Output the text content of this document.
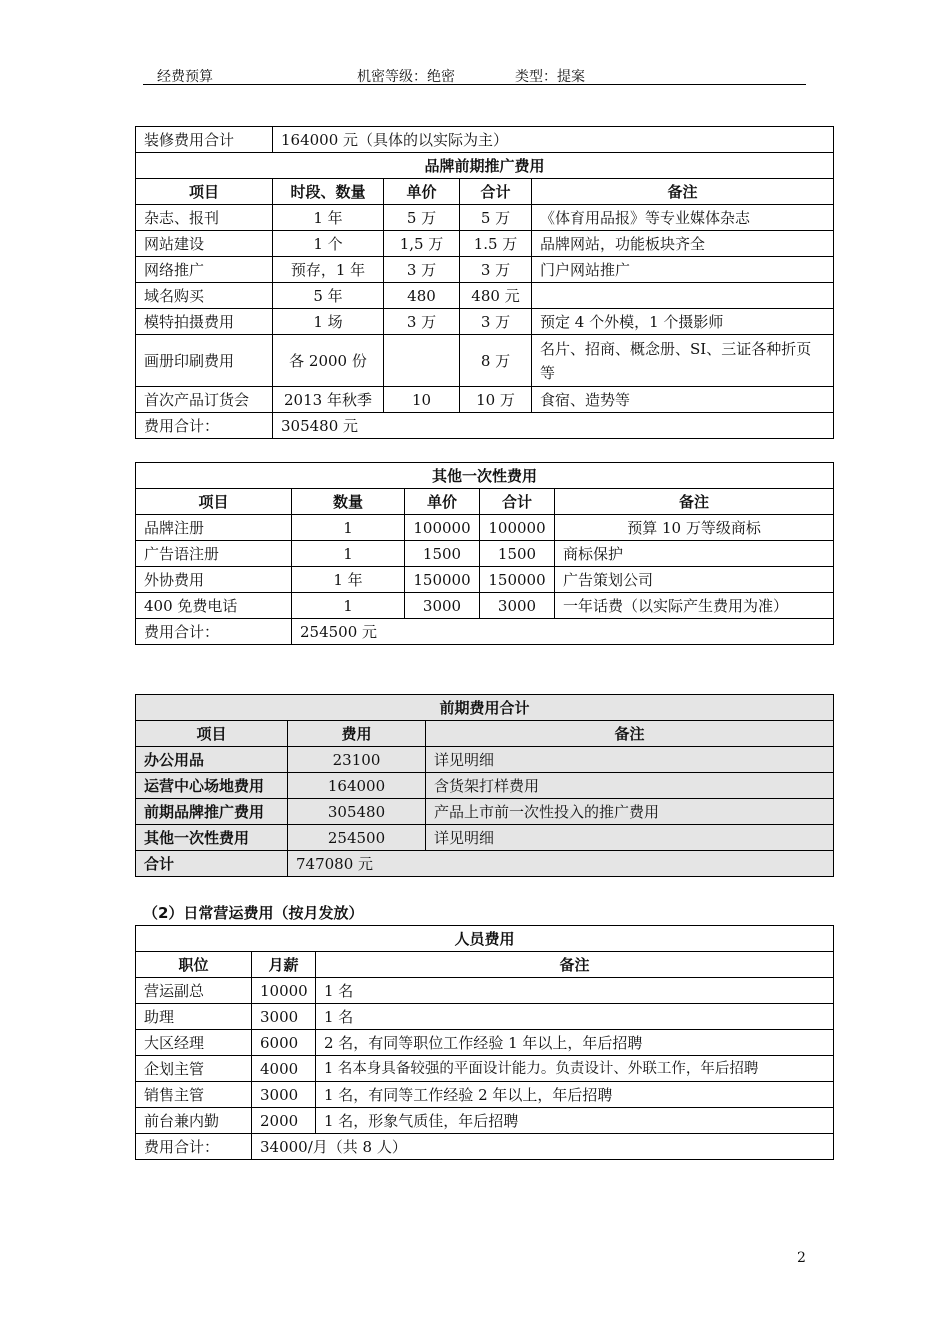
经费预算	机密等级：绝密	类型：提案
装修费用合计	164000 元（具体的以实际为主）			
品牌前期推广费用				
项目	时段、数量	单价	合计	备注
杂志、报刊	1 年	5 万	5 万	《体育用品报》等专业媒体杂志
网站建设	1 个	1,5 万	1.5 万	品牌网站，功能板块齐全
网络推广	预存，1 年	3 万	3 万	门户网站推广
域名购买	5 年	480	480 元	
模特拍摄费用	1 场	3 万	3 万	预定 4 个外模，1 个摄影师
画册印刷费用	各 2000 份		8 万	名片、招商、概念册、SI、三证各种折页等
首次产品订货会	2013 年秋季	10	10 万	食宿、造势等
费用合计：	305480 元			
其他一次性费用				
项目	数量	单价	合计	备注
品牌注册	1	100000	100000	预算 10 万等级商标
广告语注册	1	1500	1500	商标保护
外协费用	1 年	150000	150000	广告策划公司
400 免费电话	1	3000	3000	一年话费（以实际产生费用为准）
费用合计：	254500 元			
前期费用合计		
项目	费用	备注
办公用品	23100	详见明细
运营中心场地费用	164000	含货架打样费用
前期品牌推广费用	305480	产品上市前一次性投入的推广费用
其他一次性费用	254500	详见明细
合计	747080 元	
（2）日常营运费用（按月发放）
人员费用		
职位	月薪	备注
营运副总	10000	1 名
助理	3000	1 名
大区经理	6000	2 名，有同等职位工作经验 1 年以上，年后招聘
企划主管	4000	1 名本身具备较强的平面设计能力。负责设计、外联工作，年后招聘
销售主管	3000	1 名，有同等工作经验 2 年以上，年后招聘
前台兼内勤	2000	1 名，形象气质佳，年后招聘
费用合计：	34000/月（共 8 人）	
2
